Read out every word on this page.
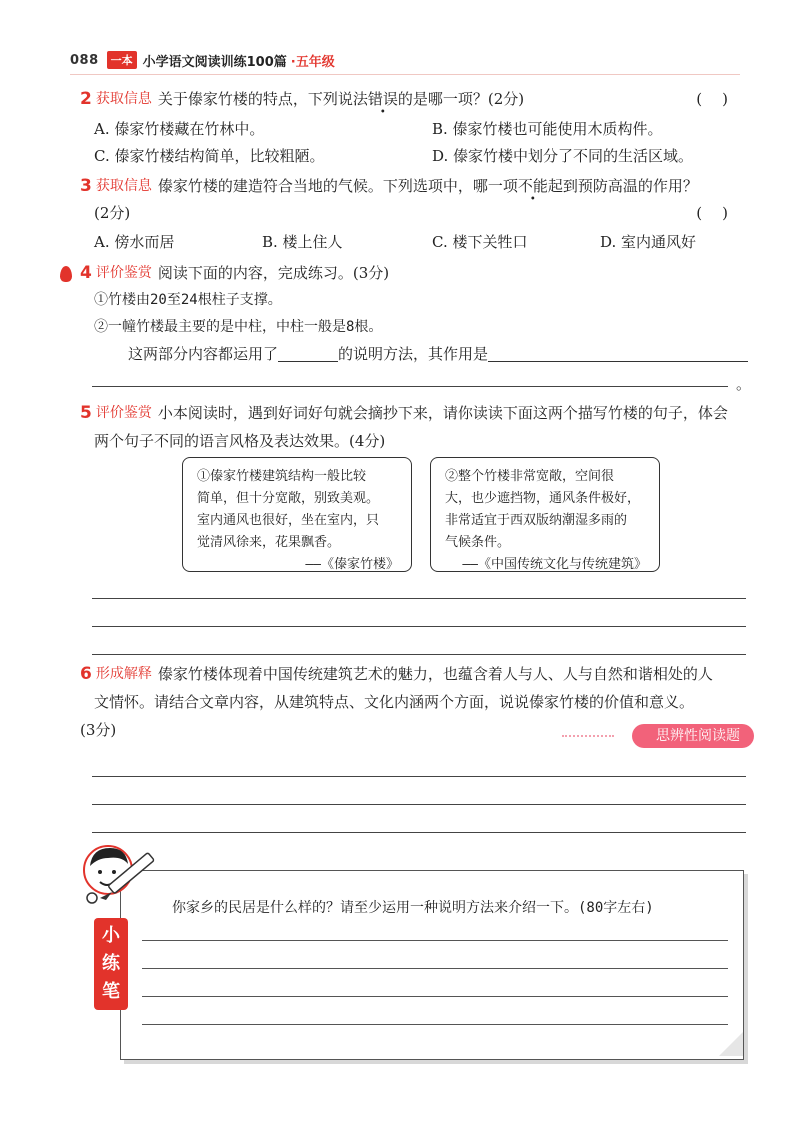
088	一本 小学语文阅读训练100篇 ·五年级
2 获取信息 关于傣家竹楼的特点，下列说法 错误 • 的是哪一项？(2分)	()
A. 傣家竹楼藏在竹林中。	B. 傣家竹楼也可能使用木质构件。
C. 傣家竹楼结构简单，比较粗陋。	D. 傣家竹楼中划分了不同的生活区域。
3 获取信息 傣家竹楼的建造符合当地的气候。下列选项中，哪一项 不能 • 起到预防高温的作用？
(2分)	()
A. 傍水而居	B. 楼上住人	C. 楼下关牲口	D. 室内通风好
4 评价鉴赏 阅读下面的内容，完成练习。(3分)
①竹楼由20至24根柱子支撑。
②一幢竹楼最主要的是中柱，中柱一般是8根。
这两部分内容都运用了	的说明方法，其作用是
。
5 评价鉴赏 小本阅读时，遇到好词好句就会摘抄下来，请你读读下面这两个描写竹楼的句子，体会
两个句子不同的语言风格及表达效果。(4分)
①傣家竹楼建筑结构一般比较
简单，但十分宽敞，别致美观。
室内通风也很好，坐在室内，只
觉清风徐来，花果飘香。
——《傣家竹楼》
②整个竹楼非常宽敞，空间很
大，也少遮挡物，通风条件极好，
非常适宜于西双版纳潮湿多雨的
气候条件。
——《中国传统文化与传统建筑》
6 形成解释 傣家竹楼体现着中国传统建筑艺术的魅力，也蕴含着人与人、人与自然和谐相处的人
文情怀。请结合文章内容，从建筑特点、文化内涵两个方面，说说傣家竹楼的价值和意义。
(3分)	思辨性阅读题
你家乡的民居是什么样的？请至少运用一种说明方法来介绍一下。(80字左右)
小
练
笔
